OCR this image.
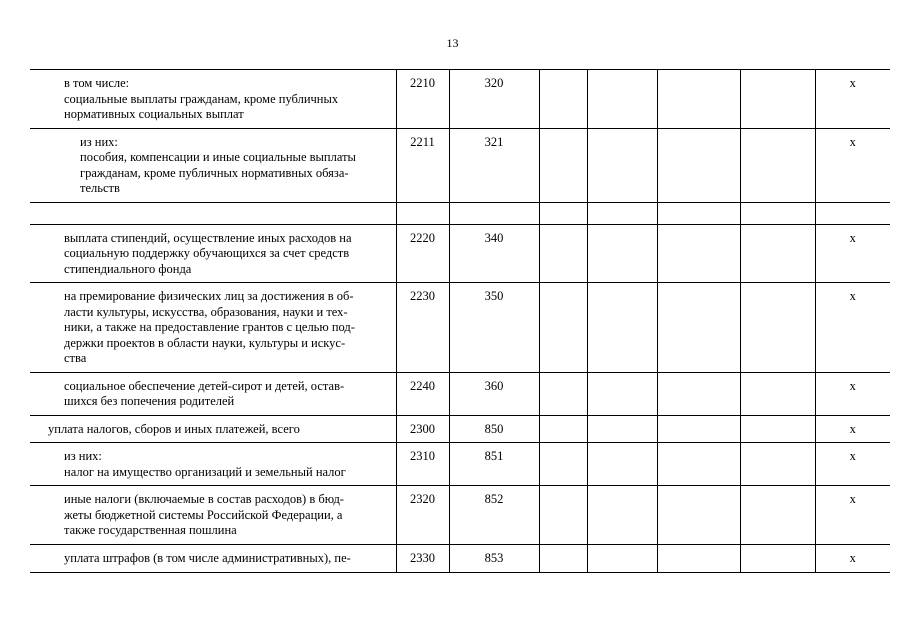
13
в том числе:
социальные выплаты гражданам, кроме публичных
нормативных социальных выплат	2210	320					x

из них:
пособия, компенсации и иные социальные выплаты
гражданам, кроме публичных нормативных обяза-
тельств	2211	321					x

выплата стипендий, осуществление иных расходов на
социальную поддержку обучающихся за счет средств
стипендиального фонда	2220	340					x

на премирование физических лиц за достижения в об-
ласти культуры, искусства, образования, науки и тех-
ники, а также на предоставление грантов с целью под-
держки проектов в области науки, культуры и искус-
ства	2230	350					x

социальное обеспечение детей-сирот и детей, остав-
шихся без попечения родителей	2240	360					x

уплата налогов, сборов и иных платежей, всего	2300	850					x

из них:
налог на имущество организаций и земельный налог	2310	851					x

иные налоги (включаемые в состав расходов) в бюд-
жеты бюджетной системы Российской Федерации, а
также государственная пошлина	2320	852					x

уплата штрафов (в том числе административных), пе-	2330	853					x
